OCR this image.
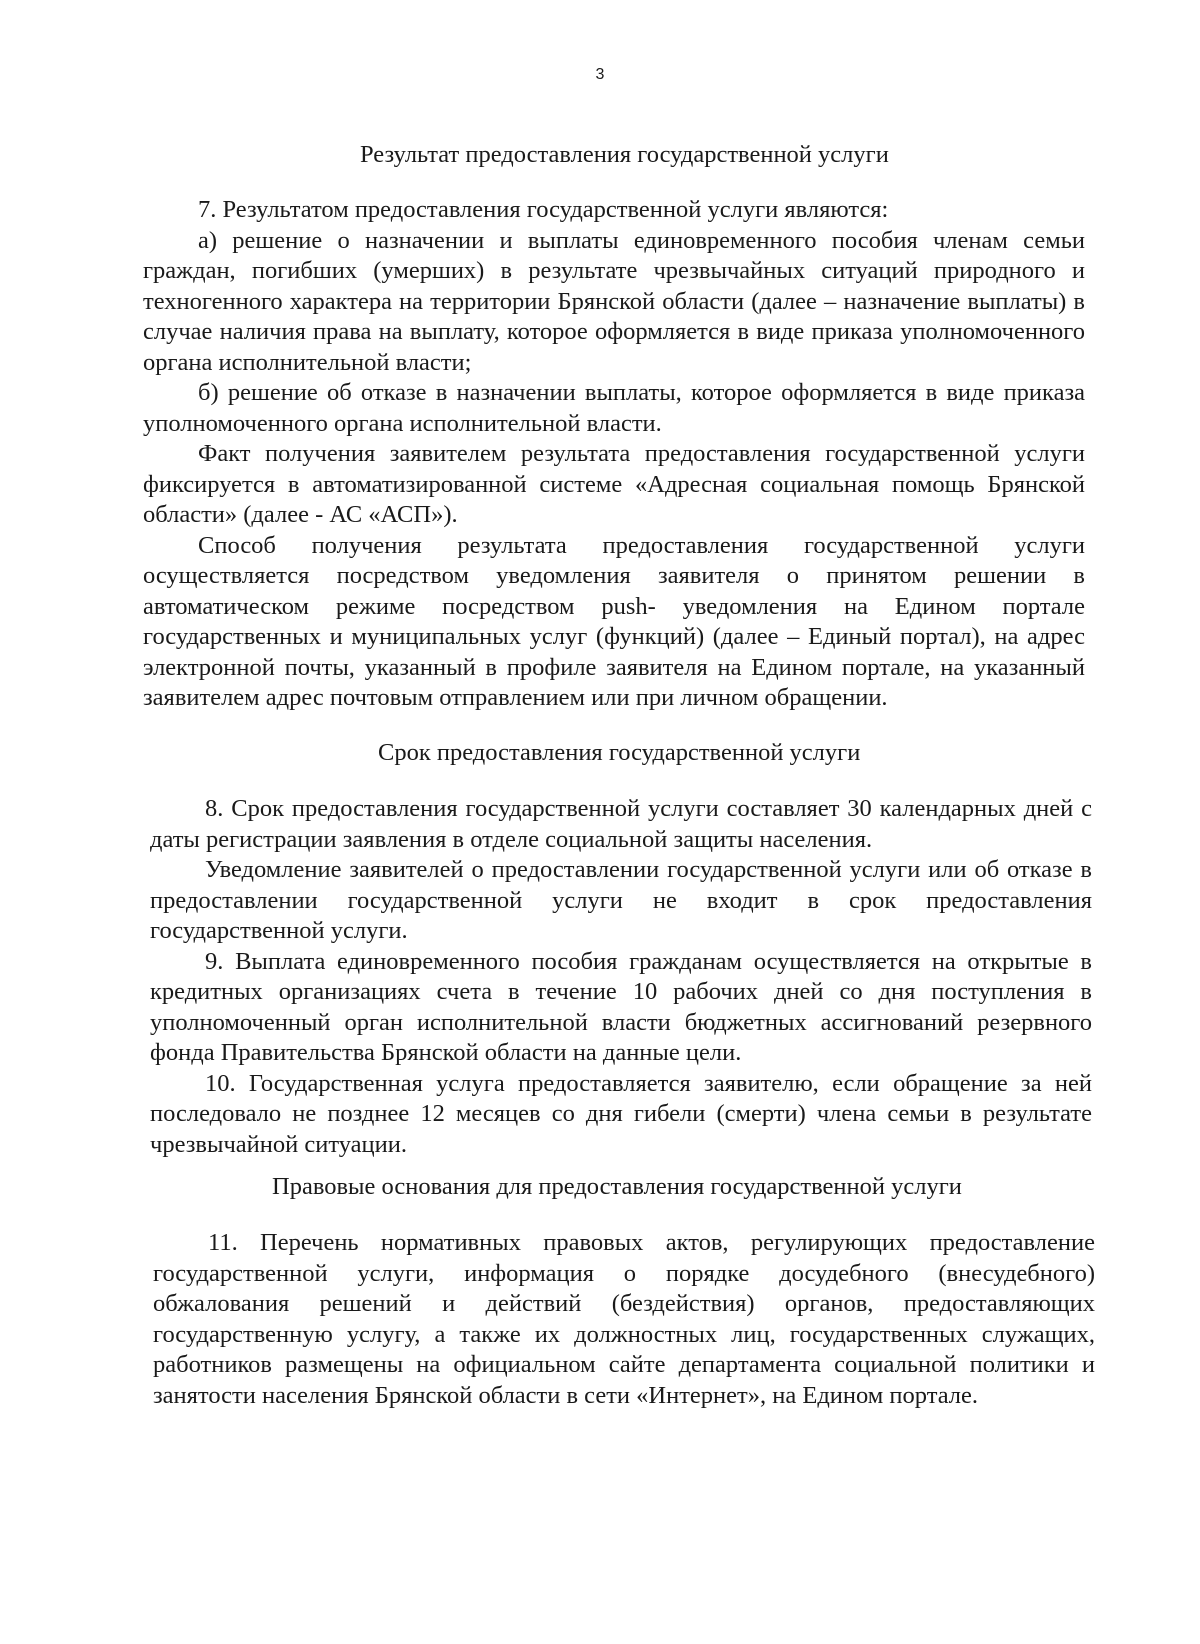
3
Результат предоставления государственной услуги

7. Результатом предоставления государственной услуги являются:

а) решение о назначении и выплаты единовременного пособия членам семьи граждан, погибших (умерших) в результате чрезвычайных ситуаций природного и техногенного характера на территории Брянской области (далее – назначение выплаты) в случае наличия права на выплату, которое оформляется в виде приказа уполномоченного органа исполнительной власти;

б) решение об отказе в назначении выплаты, которое оформляется в виде приказа уполномоченного органа исполнительной власти.

Факт получения заявителем результата предоставления государственной услуги фиксируется в автоматизированной системе «Адресная социальная помощь Брянской области» (далее - АС «АСП»).

Способ получения результата предоставления государственной услуги осуществляется посредством уведомления заявителя о принятом решении в автоматическом режиме посредством push- уведомления на Едином портале государственных и муниципальных услуг (функций) (далее – Единый портал), на адрес электронной почты, указанный в профиле заявителя на Едином портале, на указанный заявителем адрес почтовым отправлением или при личном обращении.

Срок предоставления государственной услуги

8. Срок предоставления государственной услуги составляет 30 календарных дней с даты регистрации заявления в отделе социальной защиты населения.

Уведомление заявителей о предоставлении государственной услуги или об отказе в предоставлении государственной услуги не входит в срок предоставления государственной услуги.

9. Выплата единовременного пособия гражданам осуществляется на открытые в кредитных организациях счета в течение 10 рабочих дней со дня поступления в уполномоченный орган исполнительной власти бюджетных ассигнований резервного фонда Правительства Брянской области на данные цели.

10. Государственная услуга предоставляется заявителю, если обращение за ней последовало не позднее 12 месяцев со дня гибели (смерти) члена семьи в результате чрезвычайной ситуации.

Правовые основания для предоставления государственной услуги

11. Перечень нормативных правовых актов, регулирующих предоставление государственной услуги, информация о порядке досудебного (внесудебного) обжалования решений и действий (бездействия) органов, предоставляющих государственную услугу, а также их должностных лиц, государственных служащих, работников размещены на официальном сайте департамента социальной политики и занятости населения Брянской области в сети «Интернет», на Едином портале.
